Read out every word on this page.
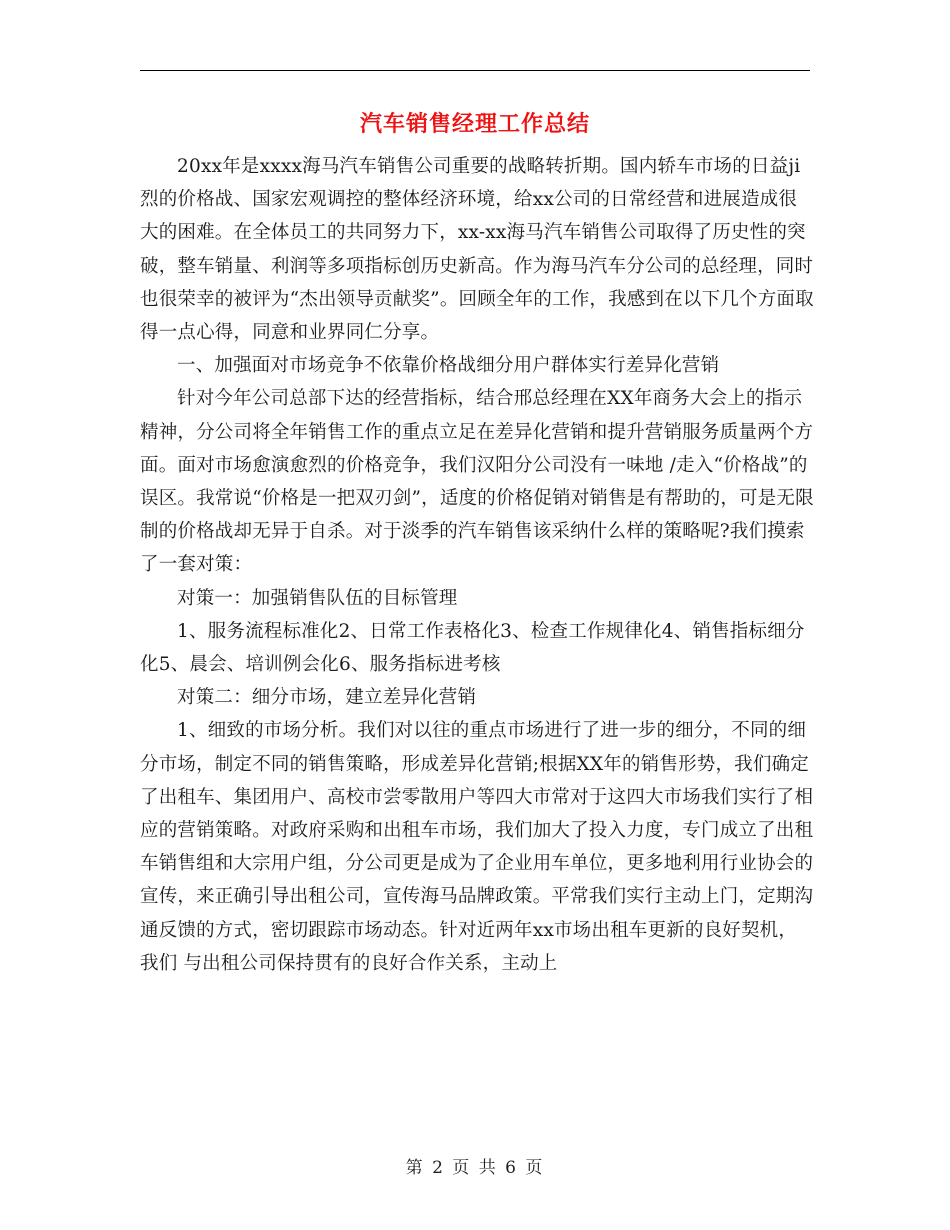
汽车销售经理工作总结

20xx年是xxxx海马汽车销售公司重要的战略转折期。国内轿车市场的日益ji烈的价格战、国家宏观调控的整体经济环境，给xx公司的日常经营和进展造成很大的困难。在全体员工的共同努力下，xx-xx海马汽车销售公司取得了历史性的突破，整车销量、利润等多项指标创历史新高。作为海马汽车分公司的总经理，同时也很荣幸的被评为“杰出领导贡献奖”。回顾全年的工作，我感到在以下几个方面取得一点心得，同意和业界同仁分享。

一、加强面对市场竞争不依靠价格战细分用户群体实行差异化营销

针对今年公司总部下达的经营指标，结合邢总经理在XX年商务大会上的指示精神，分公司将全年销售工作的重点立足在差异化营销和提升营销服务质量两个方面。面对市场愈演愈烈的价格竞争，我们汉阳分公司没有一味地 /走入“价格战”的误区。我常说“价格是一把双刃剑”，适度的价格促销对销售是有帮助的，可是无限制的价格战却无异于自杀。对于淡季的汽车销售该采纳什么样的策略呢?我们摸索了一套对策：

对策一：加强销售队伍的目标管理

1、服务流程标准化2、日常工作表格化3、检查工作规律化4、销售指标细分化5、晨会、培训例会化6、服务指标进考核

对策二：细分市场，建立差异化营销

1、细致的市场分析。我们对以往的重点市场进行了进一步的细分，不同的细分市场，制定不同的销售策略，形成差异化营销;根据XX年的销售形势，我们确定了出租车、集团用户、高校市尝零散用户等四大市常对于这四大市场我们实行了相应的营销策略。对政府采购和出租车市场，我们加大了投入力度，专门成立了出租车销售组和大宗用户组，分公司更是成为了企业用车单位，更多地利用行业协会的宣传，来正确引导出租公司，宣传海马品牌政策。平常我们实行主动上门，定期沟通反馈的方式，密切跟踪市场动态。针对近两年xx市场出租车更新的良好契机，我们 与出租公司保持贯有的良好合作关系，主动上

第 2 页 共 6 页
